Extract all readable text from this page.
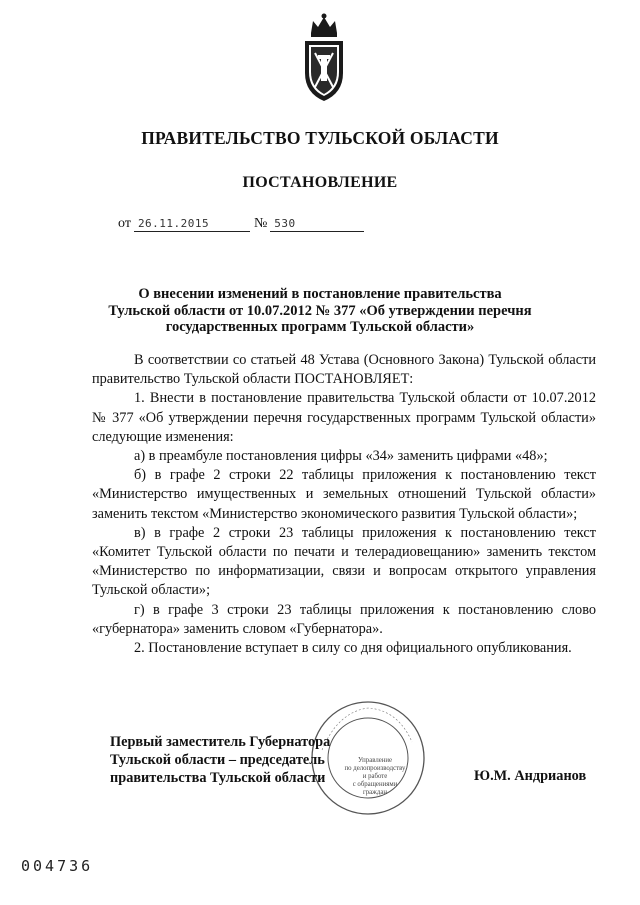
ПРАВИТЕЛЬСТВО ТУЛЬСКОЙ ОБЛАСТИ
ПОСТАНОВЛЕНИЕ
от 26.11.2015	№ 530
О внесении изменений в постановление правительства
Тульской области от 10.07.2012 № 377 «Об утверждении перечня
государственных программ Тульской области»

В соответствии со статьей 48 Устава (Основного Закона) Тульской области правительство Тульской области ПОСТАНОВЛЯЕТ:

1. Внести в постановление правительства Тульской области от 10.07.2012 № 377 «Об утверждении перечня государственных программ Тульской области» следующие изменения:

а) в преамбуле постановления цифры «34» заменить цифрами «48»;

б) в графе 2 строки 22 таблицы приложения к постановлению текст «Министерство имущественных и земельных отношений Тульской области» заменить текстом «Министерство экономического развития Тульской области»;

в) в графе 2 строки 23 таблицы приложения к постановлению текст «Комитет Тульской области по печати и телерадиовещанию» заменить текстом «Министерство по информатизации, связи и вопросам открытого управления Тульской области»;

г) в графе 3 строки 23 таблицы приложения к постановлению слово «губернатора» заменить словом «Губернатора».

2. Постановление вступает в силу со дня официального опубликования.

Управление
по делопроизводству
и работе
с обращениями
граждан
Первый заместитель Губернатора
Тульской области – председатель
правительства Тульской области	Ю.М. Андрианов
004736
